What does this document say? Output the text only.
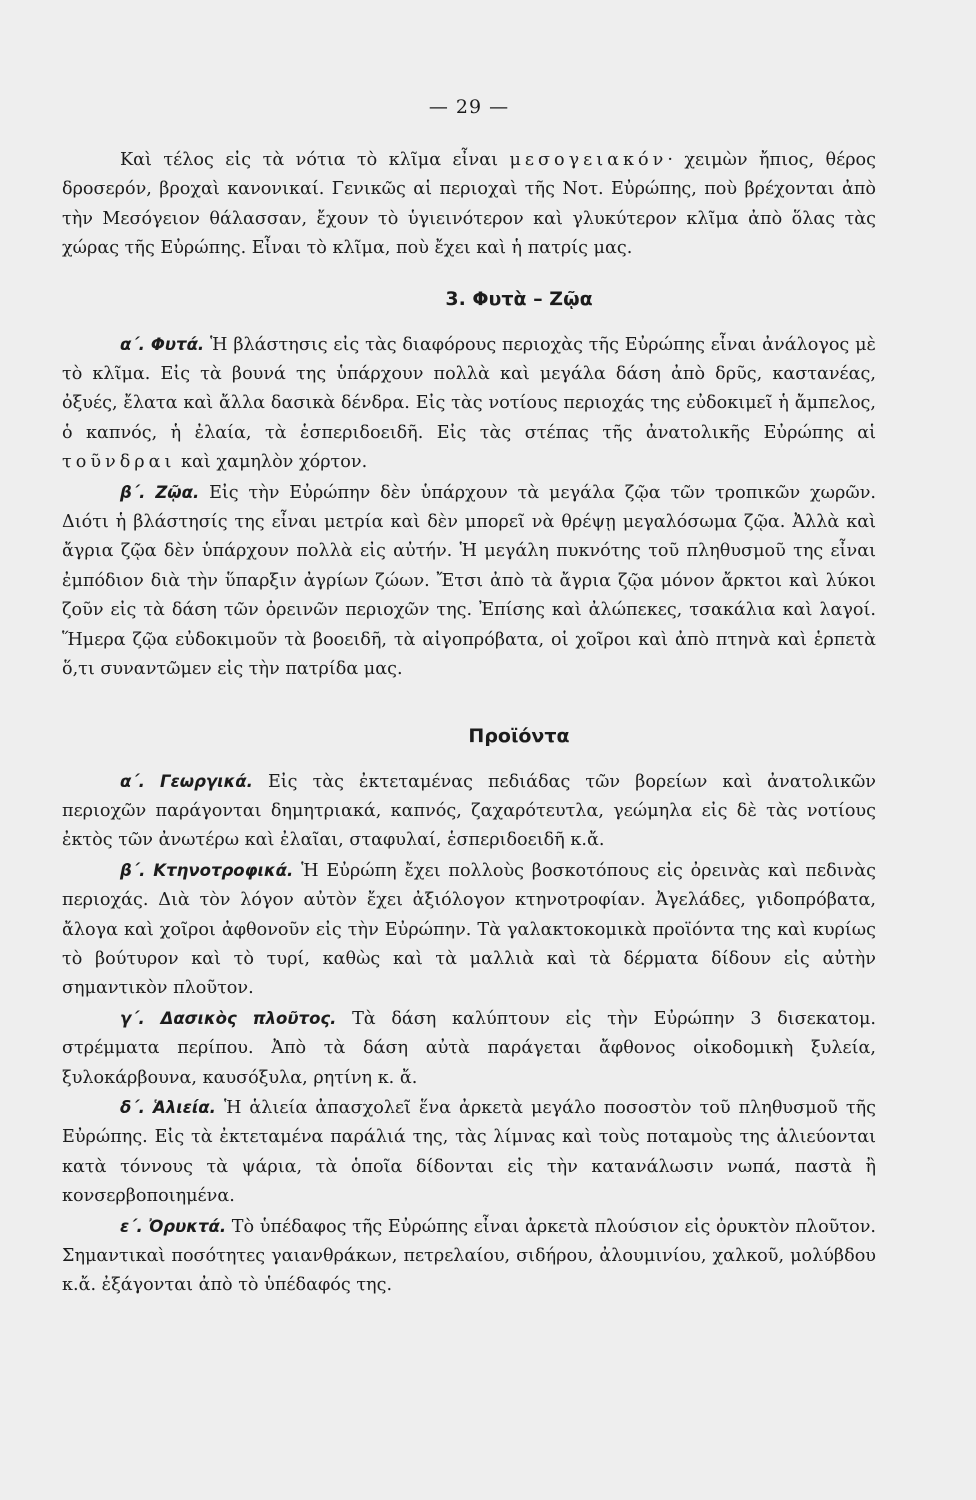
— 29 —

Καὶ τέλος εἰς τὰ νότια τὸ κλῖμα εἶναι μεσογειακόν· χειμὼν ἤπιος, θέρος δροσερόν, βροχαὶ κανονικαί. Γενικῶς αἱ περιοχαὶ τῆς Νοτ. Εὐρώπης, ποὺ βρέχονται ἀπὸ τὴν Μεσόγειον θάλασσαν, ἔχουν τὸ ὑγιεινότερον καὶ γλυκύτερον κλῖμα ἀπὸ ὅλας τὰς χώρας τῆς Εὐρώπης. Εἶναι τὸ κλῖμα, ποὺ ἔχει καὶ ἡ πατρίς μας.

3. Φυτὰ – Ζῷα

α΄. Φυτά. Ἡ βλάστησις εἰς τὰς διαφόρους περιοχὰς τῆς Εὐρώπης εἶναι ἀνάλογος μὲ τὸ κλῖμα. Εἰς τὰ βουνά της ὑπάρχουν πολλὰ καὶ μεγάλα δάση ἀπὸ δρῦς, καστανέας, ὀξυές, ἔλατα καὶ ἄλλα δασικὰ δένδρα. Εἰς τὰς νοτίους περιοχάς της εὐδοκιμεῖ ἡ ἄμπελος, ὁ καπνός, ἡ ἐλαία, τὰ ἑσπεριδοειδῆ. Εἰς τὰς στέπας τῆς ἀνατολικῆς Εὐρώπης αἱ τοῦνδραι καὶ χαμηλὸν χόρτον.

β΄. Ζῷα. Εἰς τὴν Εὐρώπην δὲν ὑπάρχουν τὰ μεγάλα ζῷα τῶν τροπικῶν χωρῶν. Διότι ἡ βλάστησίς της εἶναι μετρία καὶ δὲν μπορεῖ νὰ θρέψῃ μεγαλόσωμα ζῷα. Ἀλλὰ καὶ ἄγρια ζῷα δὲν ὑπάρχουν πολλὰ εἰς αὐτήν. Ἡ μεγάλη πυκνότης τοῦ πληθυσμοῦ της εἶναι ἐμπόδιον διὰ τὴν ὕπαρξιν ἀγρίων ζώων. Ἔτσι ἀπὸ τὰ ἄγρια ζῷα μόνον ἄρκτοι καὶ λύκοι ζοῦν εἰς τὰ δάση τῶν ὀρεινῶν περιοχῶν της. Ἐπίσης καὶ ἀλώπεκες, τσακάλια καὶ λαγοί. Ἥμερα ζῷα εὐδοκιμοῦν τὰ βοοειδῆ, τὰ αἰγοπρόβατα, οἱ χοῖροι καὶ ἀπὸ πτηνὰ καὶ ἑρπετὰ ὅ,τι συναντῶμεν εἰς τὴν πατρίδα μας.

Προϊόντα

α΄. Γεωργικά. Εἰς τὰς ἐκτεταμένας πεδιάδας τῶν βορείων καὶ ἀνατολικῶν περιοχῶν παράγονται δημητριακά, καπνός, ζαχαρότευτλα, γεώμηλα εἰς δὲ τὰς νοτίους ἐκτὸς τῶν ἀνωτέρω καὶ ἐλαῖαι, σταφυλαί, ἑσπεριδοειδῆ κ.ἄ.

β΄. Κτηνοτροφικά. Ἡ Εὐρώπη ἔχει πολλοὺς βοσκοτόπους εἰς ὀρεινὰς καὶ πεδινὰς περιοχάς. Διὰ τὸν λόγον αὐτὸν ἔχει ἀξιόλογον κτηνοτροφίαν. Ἀγελάδες, γιδοπρόβατα, ἄλογα καὶ χοῖροι ἀφθονοῦν εἰς τὴν Εὐρώπην. Τὰ γαλακτοκομικὰ προϊόντα της καὶ κυρίως τὸ βούτυρον καὶ τὸ τυρί, καθὼς καὶ τὰ μαλλιὰ καὶ τὰ δέρματα δίδουν εἰς αὐτὴν σημαντικὸν πλοῦτον.

γ΄. Δασικὸς πλοῦτος. Τὰ δάση καλύπτουν εἰς τὴν Εὐρώπην 3 δισεκατομ. στρέμματα περίπου. Ἀπὸ τὰ δάση αὐτὰ παράγεται ἄφθονος οἰκοδομικὴ ξυλεία, ξυλοκάρβουνα, καυσόξυλα, ρητίνη κ. ἄ.

δ΄. Ἁλιεία. Ἡ ἁλιεία ἀπασχολεῖ ἕνα ἀρκετὰ μεγάλο ποσοστὸν τοῦ πληθυσμοῦ τῆς Εὐρώπης. Εἰς τὰ ἐκτεταμένα παράλιά της, τὰς λίμνας καὶ τοὺς ποταμοὺς της ἁλιεύονται κατὰ τόννους τὰ ψάρια, τὰ ὁποῖα δίδονται εἰς τὴν κατανάλωσιν νωπά, παστὰ ἢ κονσερβοποιημένα.

ε΄. Ὀρυκτά. Τὸ ὑπέδαφος τῆς Εὐρώπης εἶναι ἀρκετὰ πλούσιον εἰς ὀρυκτὸν πλοῦτον. Σημαντικαὶ ποσότητες γαιανθράκων, πετρελαίου, σιδήρου, ἀλουμινίου, χαλκοῦ, μολύβδου κ.ἄ. ἐξάγονται ἀπὸ τὸ ὑπέδαφός της.
